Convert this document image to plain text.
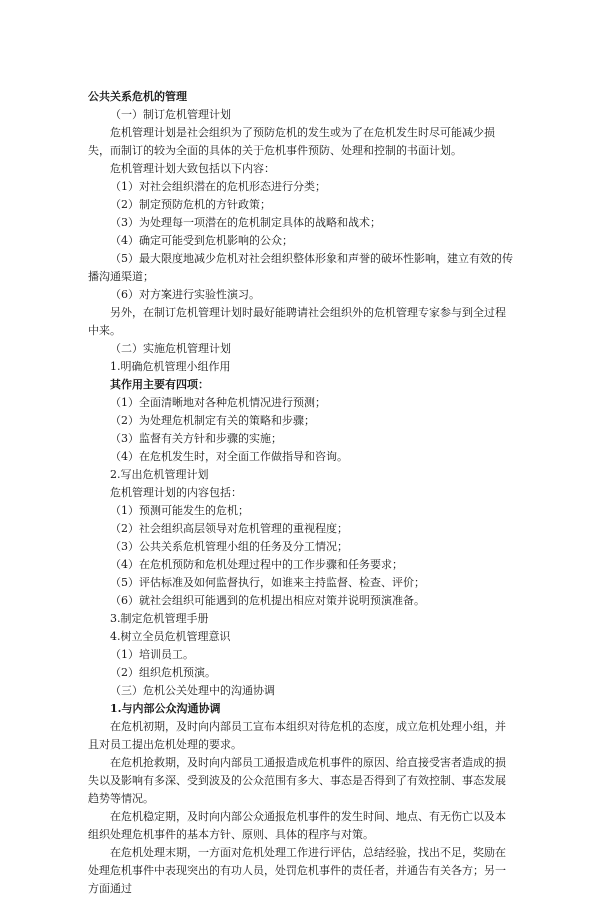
公共关系危机的管理

（一）制订危机管理计划

危机管理计划是社会组织为了预防危机的发生或为了在危机发生时尽可能减少损失，而制订的较为全面的具体的关于危机事件预防、处理和控制的书面计划。

危机管理计划大致包括以下内容：

（1）对社会组织潜在的危机形态进行分类；

（2）制定预防危机的方针政策；

（3）为处理每一项潜在的危机制定具体的战略和战术；

（4）确定可能受到危机影响的公众；

（5）最大限度地减少危机对社会组织整体形象和声誉的破坏性影响，建立有效的传播沟通渠道；

（6）对方案进行实验性演习。

另外，在制订危机管理计划时最好能聘请社会组织外的危机管理专家参与到全过程中来。

（二）实施危机管理计划

1.明确危机管理小组作用

其作用主要有四项：

（1）全面清晰地对各种危机情况进行预测；

（2）为处理危机制定有关的策略和步骤；

（3）监督有关方针和步骤的实施；

（4）在危机发生时，对全面工作做指导和咨询。

2.写出危机管理计划

危机管理计划的内容包括：

（1）预测可能发生的危机；

（2）社会组织高层领导对危机管理的重视程度；

（3）公共关系危机管理小组的任务及分工情况；

（4）在危机预防和危机处理过程中的工作步骤和任务要求；

（5）评估标准及如何监督执行，如谁来主持监督、检查、评价；

（6）就社会组织可能遇到的危机提出相应对策并说明预演准备。

3.制定危机管理手册

4.树立全员危机管理意识

（1）培训员工。

（2）组织危机预演。

（三）危机公关处理中的沟通协调

1.与内部公众沟通协调

在危机初期，及时向内部员工宣布本组织对待危机的态度，成立危机处理小组，并且对员工提出危机处理的要求。

在危机抢救期，及时向内部员工通报造成危机事件的原因、给直接受害者造成的损失以及影响有多深、受到波及的公众范围有多大、事态是否得到了有效控制、事态发展趋势等情况。

在危机稳定期，及时向内部公众通报危机事件的发生时间、地点、有无伤亡以及本组织处理危机事件的基本方针、原则、具体的程序与对策。

在危机处理末期，一方面对危机处理工作进行评估，总结经验，找出不足，奖励在处理危机事件中表现突出的有功人员，处罚危机事件的责任者，并通告有关各方；另一方面通过
